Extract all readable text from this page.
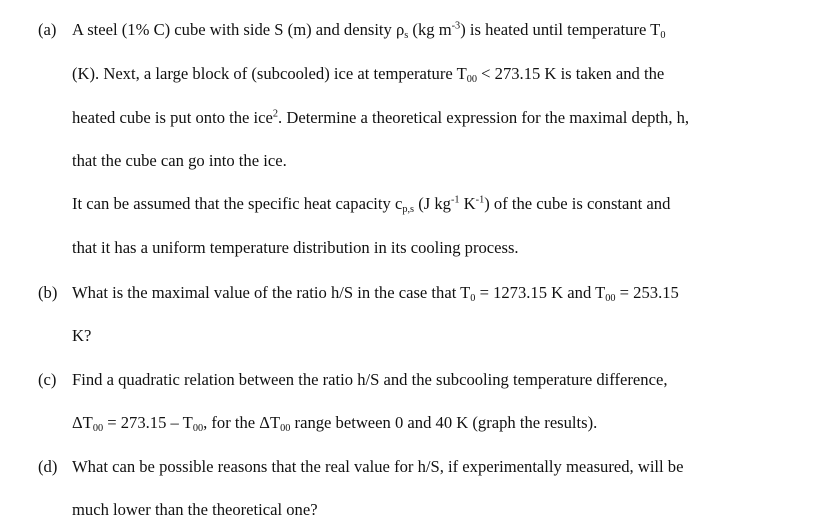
(a) A steel (1% C) cube with side S (m) and density $\rho_s$ (kg $m^{-3}$) is heated until temperature $T_0$
(K). Next, a large block of (subcooled) ice at temperature $T_{00} < 273.15$ K is taken and the
heated cube is put onto the ice$^2$. Determine a theoretical expression for the maximal depth, h,
that the cube can go into the ice.
It can be assumed that the specific heat capacity $c_{p,s}$ (J $kg^{-1}$ $K^{-1}$) of the cube is constant and
that it has a uniform temperature distribution in its cooling process.
(b) What is the maximal value of the ratio h/S in the case that $T_0 = 1273.15$ K and $T_{00} = 253.15$
K?
(c) Find a quadratic relation between the ratio h/S and the subcooling temperature difference,
$\Delta T_{00} = 273.15 - T_{00}$, for the $\Delta T_{00}$ range between 0 and 40 K (graph the results).
(d) What can be possible reasons that the real value for h/S, if experimentally measured, will be
much lower than the theoretical one?
